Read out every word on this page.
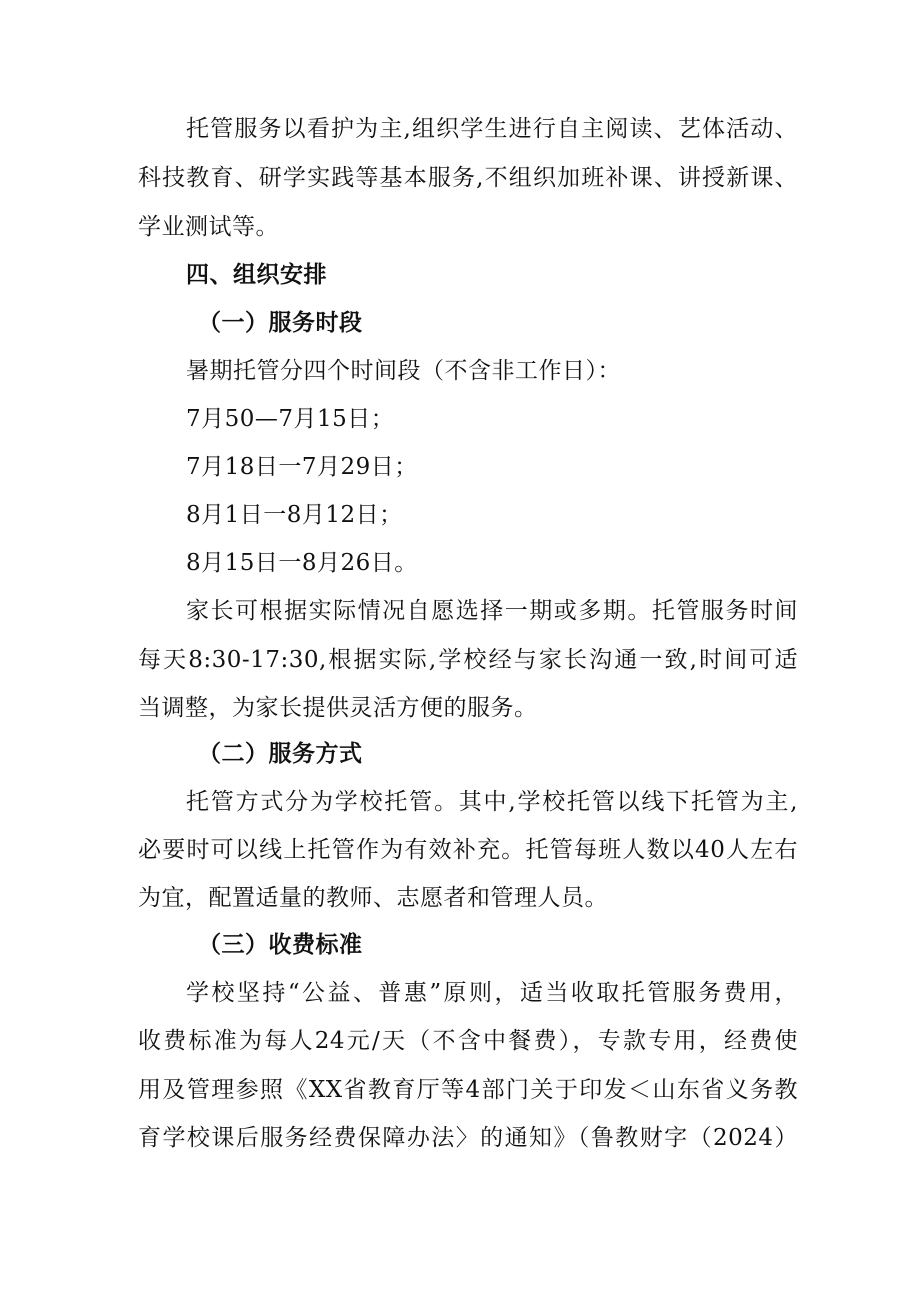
托管服务以看护为主,组织学生进行自主阅读、艺体活动、
科技教育、研学实践等基本服务,不组织加班补课、讲授新课、
学业测试等。
四、组织安排
（一）服务时段
暑期托管分四个时间段（不含非工作日）：
7月50—7月15日；
7月18日一7月29日；
8月1日一8月12日；
8月15日一8月26日。
家长可根据实际情况自愿选择一期或多期。托管服务时间
每天8:30-17:30,根据实际,学校经与家长沟通一致,时间可适
当调整，为家长提供灵活方便的服务。
（二）服务方式
托管方式分为学校托管。其中,学校托管以线下托管为主,
必要时可以线上托管作为有效补充。托管每班人数以40人左右
为宜，配置适量的教师、志愿者和管理人员。
（三）收费标准
学校坚持“公益、普惠”原则，适当收取托管服务费用，
收费标准为每人24元/天（不含中餐费），专款专用，经费使
用及管理参照《XX省教育厅等4部门关于印发＜山东省义务教
育学校课后服务经费保障办法〉的通知》（鲁教财字（2024）
